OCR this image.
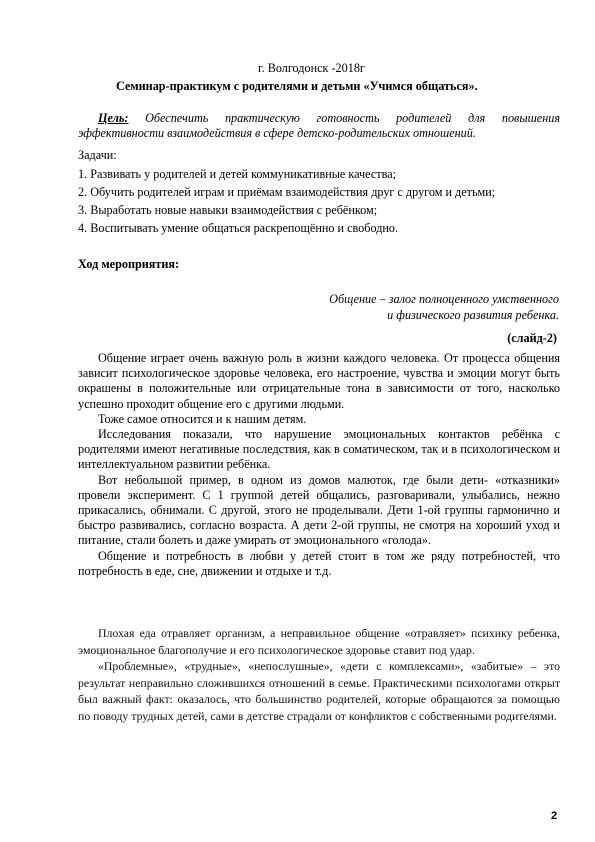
г. Волгодонск -2018г
Семинар-практикум с родителями и детьми «Учимся общаться».

Цель: Обеспечить практическую готовность родителей для повышения эффективности взаимодействия в сфере детско-родительских отношений.

Задачи:
1. Развивать у родителей и детей коммуникативные качества;
2. Обучить родителей играм и приёмам взаимодействия друг с другом и детьми;
3. Выработать новые навыки взаимодействия с ребёнком;
4. Воспитывать умение общаться раскрепощённо и свободно.
Ход мероприятия:
Общение – залог полноценного умственного
и физического развития ребенка.
(слайд-2)

Общение играет очень важную роль в жизни каждого человека. От процесса общения зависит психологическое здоровье человека, его настроение, чувства и эмоции могут быть окрашены в положительные или отрицательные тона в зависимости от того, насколько успешно проходит общение его с другими людьми.

Тоже самое относится и к нашим детям.

Исследования показали, что нарушение эмоциональных контактов ребёнка с родителями имеют негативные последствия, как в соматическом, так и в психологическом и интеллектуальном развитии ребёнка.

Вот небольшой пример, в одном из домов малюток, где были дети- «отказники» провели эксперимент. С 1 группой детей общались, разговаривали, улыбались, нежно прикасались, обнимали. С другой, этого не проделывали. Дети 1-ой группы гармонично и быстро развивались, согласно возраста. А дети 2-ой группы, не смотря на хороший уход и питание, стали болеть и даже умирать от эмоционального «голода».

Общение и потребность в любви у детей стоит в том же ряду потребностей, что потребность в еде, сне, движении и отдыхе и т.д.

Плохая еда отравляет организм, а неправильное общение «отравляет» психику ребенка, эмоциональное благополучие и его психологическое здоровье ставит под удар.

«Проблемные», «трудные», «непослушные», «дети с комплексами», «забитые» – это результат неправильно сложившихся отношений в семье. Практическими психологами открыт был важный факт: оказалось, что большинство родителей, которые обращаются за помощью по поводу трудных детей, сами в детстве страдали от конфликтов с собственными родителями.

2
